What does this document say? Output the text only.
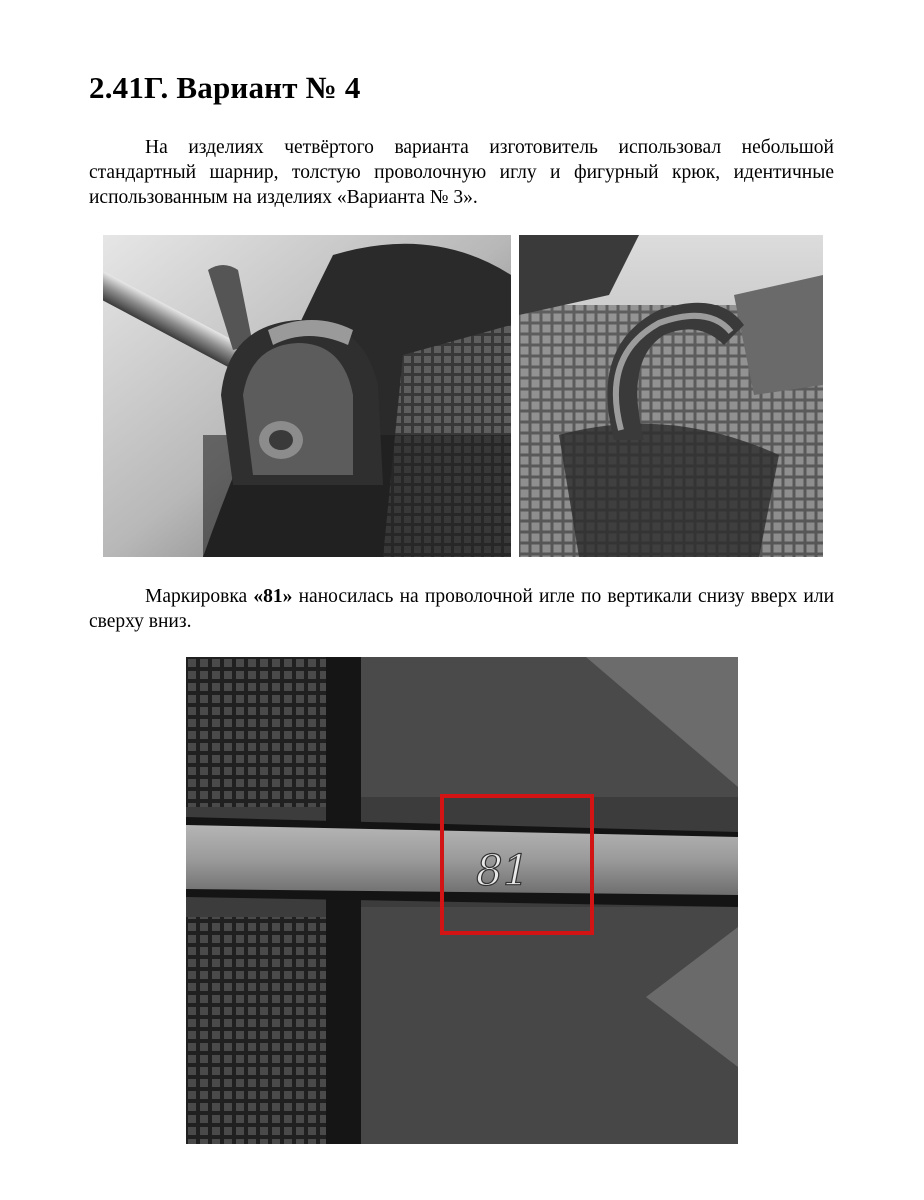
2.41Г. Вариант № 4

На изделиях четвёртого варианта изготовитель использовал небольшой стандартный шарнир, толстую проволочную иглу и фигурный крюк, идентичные использованным на изделиях «Варианта № 3».

Маркировка «81» наносилась на проволочной игле по вертикали снизу вверх или сверху вниз.

81
